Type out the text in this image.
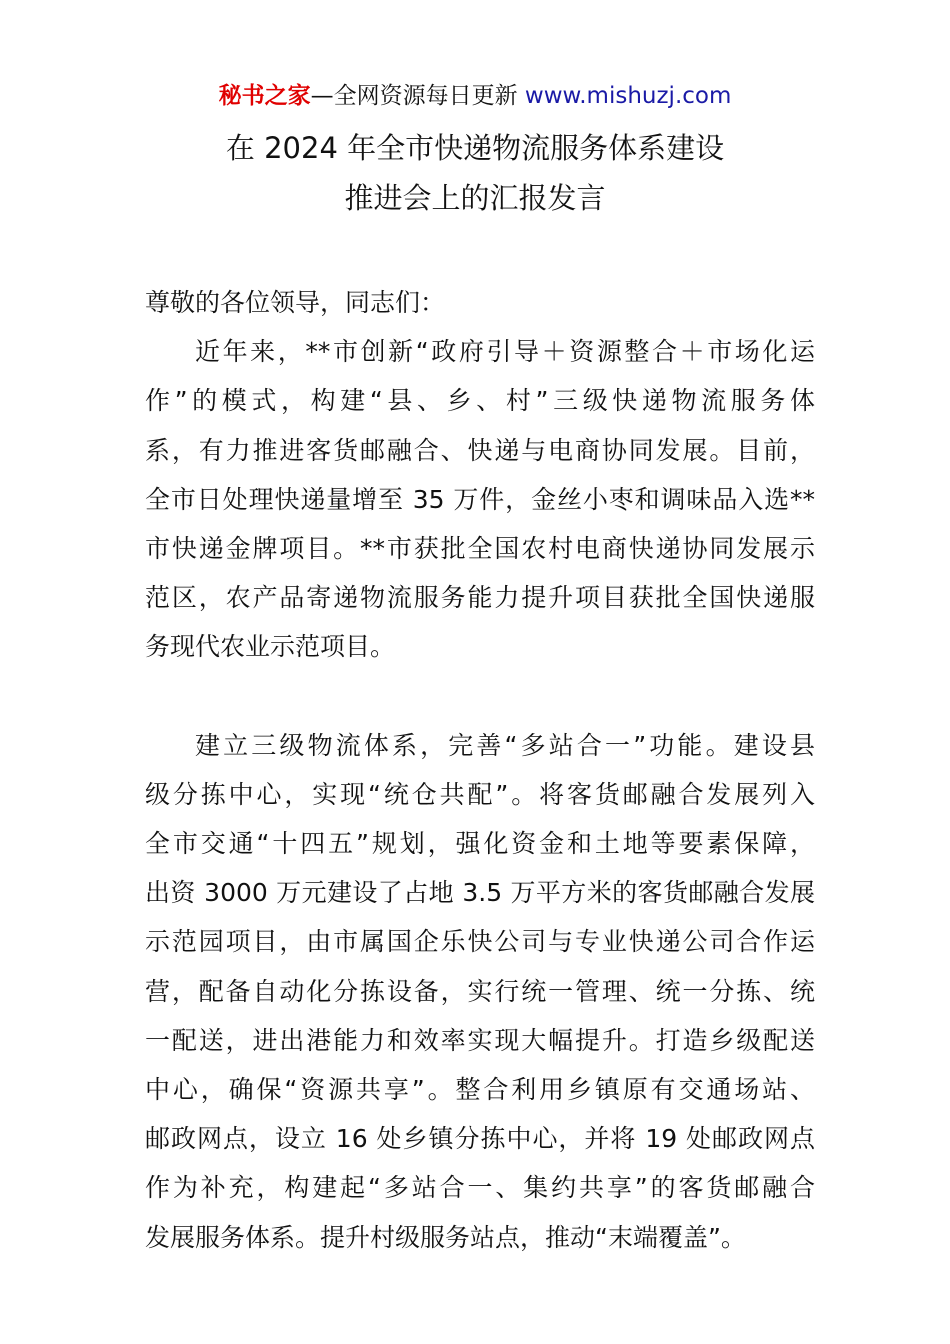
秘书之家—全网资源每日更新 www.mishuzj.com
在 2024 年全市快递物流服务体系建设
推进会上的汇报发言
尊敬的各位领导，同志们：
近年来，**市创新“政府引导＋资源整合＋市场化运
作”的模式，构建“县、乡、村”三级快递物流服务体
系，有力推进客货邮融合、快递与电商协同发展。目前，
全市日处理快递量增至 35 万件，金丝小枣和调味品入选**
市快递金牌项目。**市获批全国农村电商快递协同发展示
范区，农产品寄递物流服务能力提升项目获批全国快递服
务现代农业示范项目。
建立三级物流体系，完善“多站合一”功能。建设县
级分拣中心，实现“统仓共配”。将客货邮融合发展列入
全市交通“十四五”规划，强化资金和土地等要素保障，
出资 3000 万元建设了占地 3.5 万平方米的客货邮融合发展
示范园项目，由市属国企乐快公司与专业快递公司合作运
营，配备自动化分拣设备，实行统一管理、统一分拣、统
一配送，进出港能力和效率实现大幅提升。打造乡级配送
中心，确保“资源共享”。整合利用乡镇原有交通场站、
邮政网点，设立 16 处乡镇分拣中心，并将 19 处邮政网点
作为补充，构建起“多站合一、集约共享”的客货邮融合
发展服务体系。提升村级服务站点，推动“末端覆盖”。
